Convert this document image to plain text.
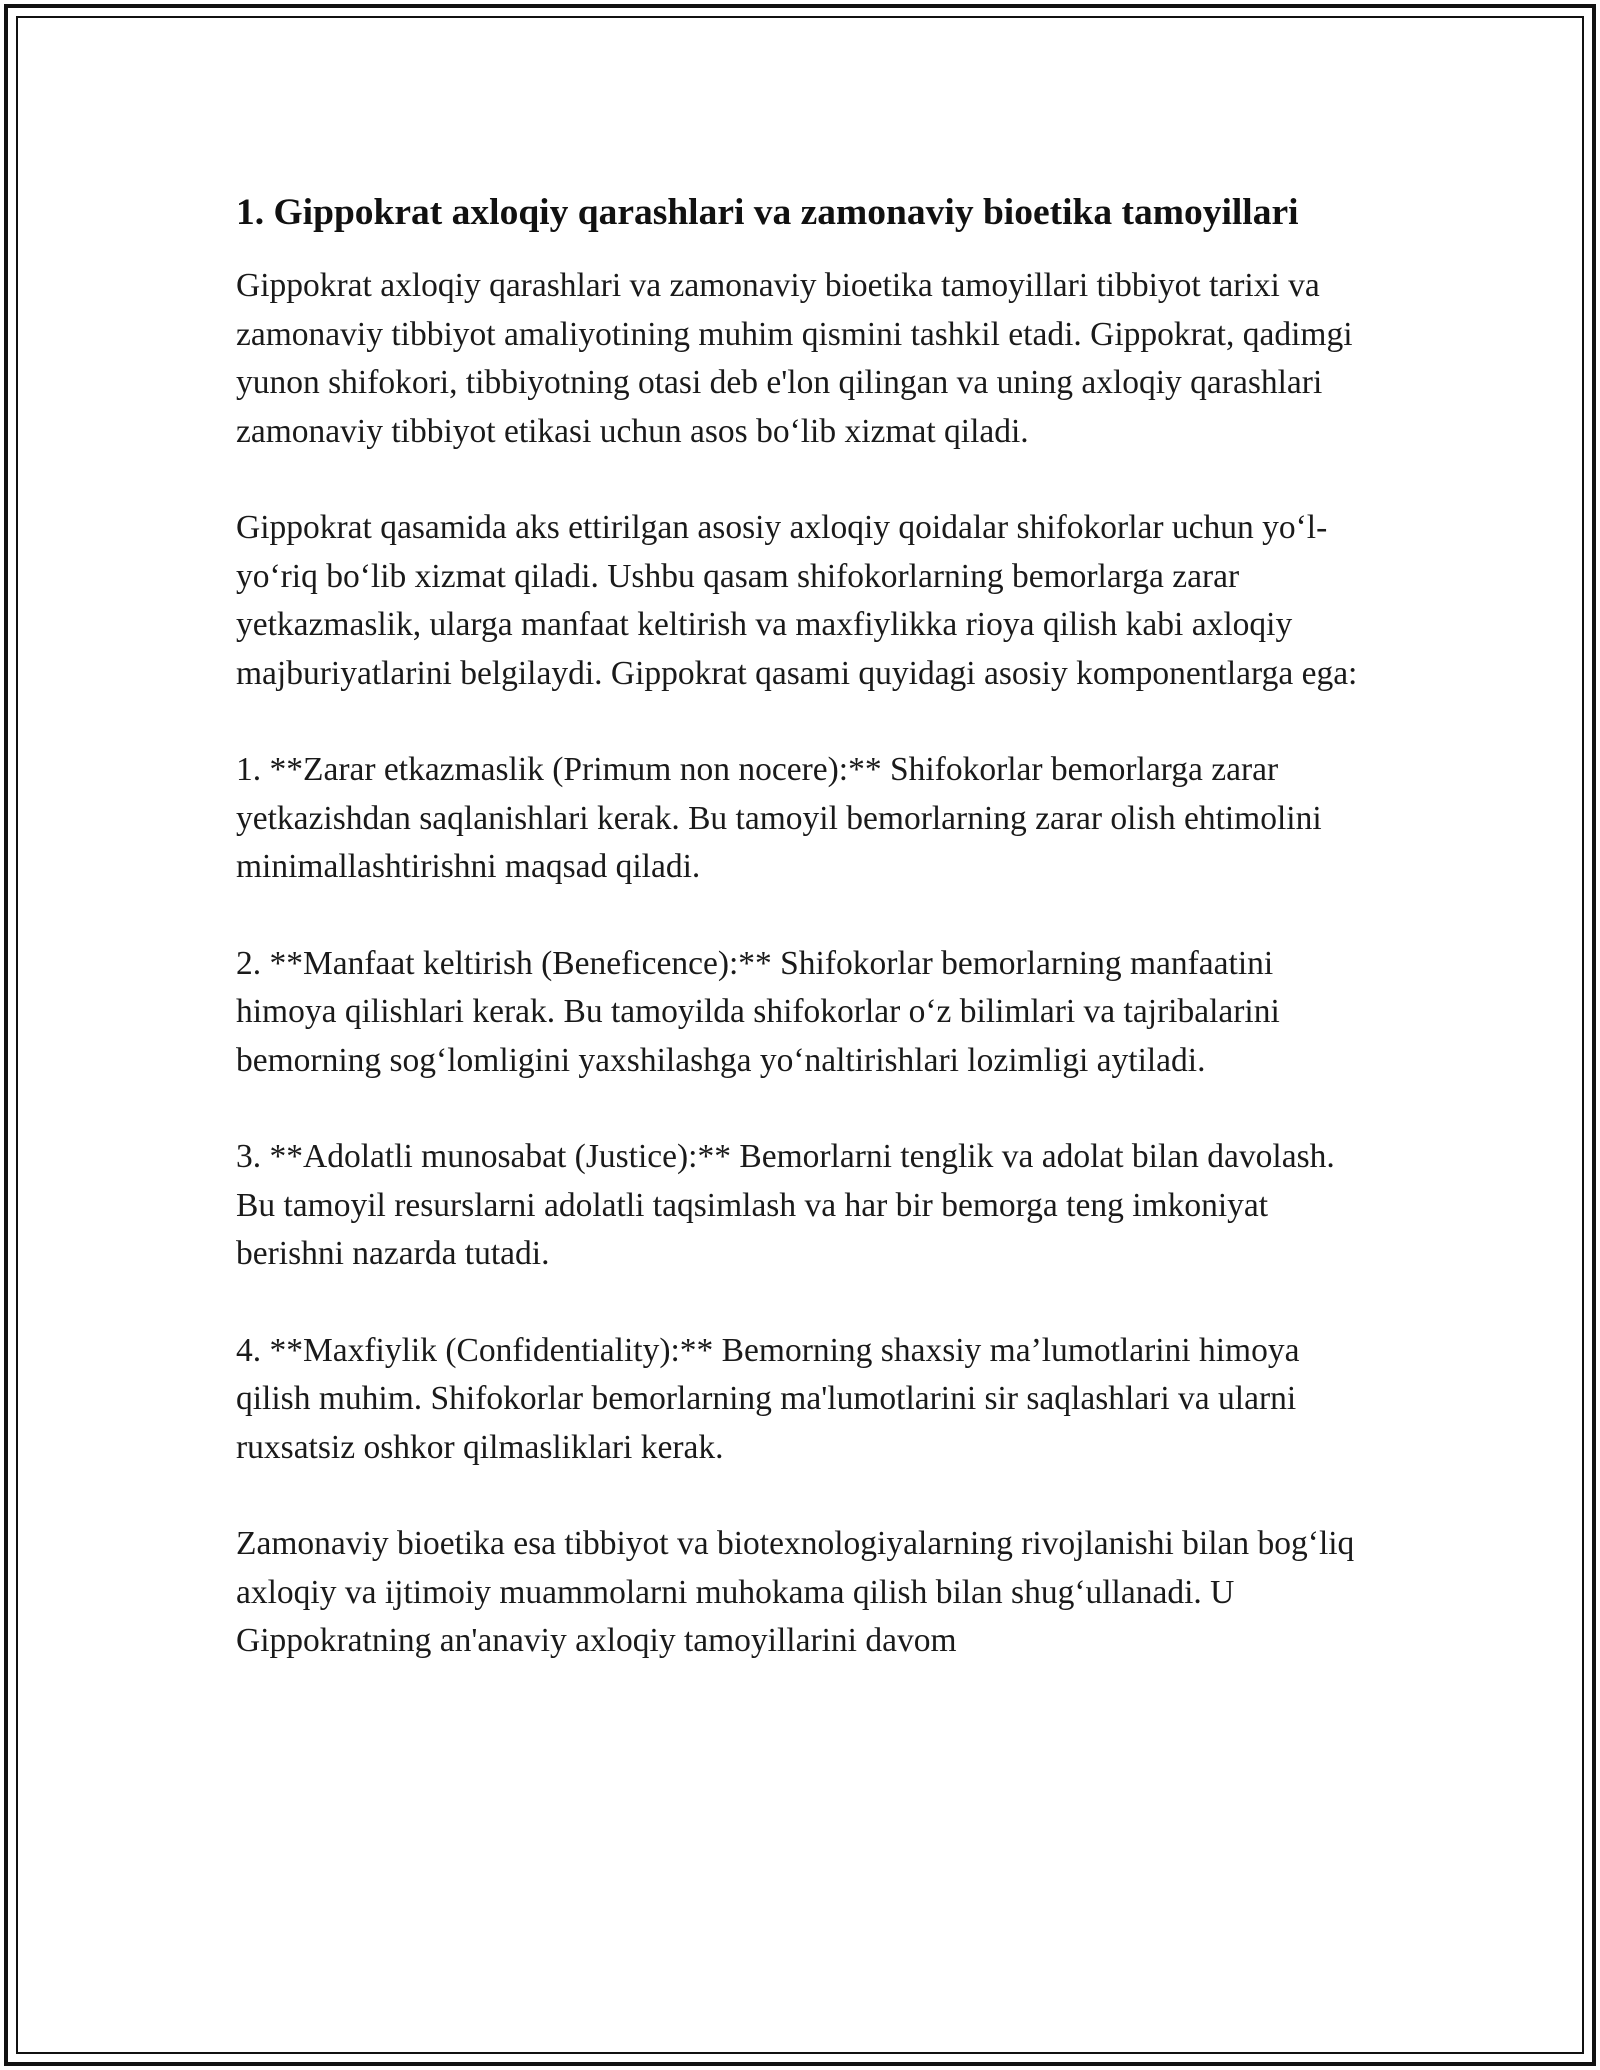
1. Gippokrat axloqiy qarashlari va zamonaviy bioetika tamoyillari

Gippokrat axloqiy qarashlari va zamonaviy bioetika tamoyillari tibbiyot tarixi va zamonaviy tibbiyot amaliyotining muhim qismini tashkil etadi. Gippokrat, qadimgi yunon shifokori, tibbiyotning otasi deb e'lon qilingan va uning axloqiy qarashlari zamonaviy tibbiyot etikasi uchun asos bo‘lib xizmat qiladi.

Gippokrat qasamida aks ettirilgan asosiy axloqiy qoidalar shifokorlar uchun yo‘l-yo‘riq bo‘lib xizmat qiladi. Ushbu qasam shifokorlarning bemorlarga zarar yetkazmaslik, ularga manfaat keltirish va maxfiylikka rioya qilish kabi axloqiy majburiyatlarini belgilaydi. Gippokrat qasami quyidagi asosiy komponentlarga ega:

1. **Zarar etkazmaslik (Primum non nocere):** Shifokorlar bemorlarga zarar yetkazishdan saqlanishlari kerak. Bu tamoyil bemorlarning zarar olish ehtimolini minimallashtirishni maqsad qiladi.

2. **Manfaat keltirish (Beneficence):** Shifokorlar bemorlarning manfaatini himoya qilishlari kerak. Bu tamoyilda shifokorlar o‘z bilimlari va tajribalarini bemorning sog‘lomligini yaxshilashga yo‘naltirishlari lozimligi aytiladi.

3. **Adolatli munosabat (Justice):** Bemorlarni tenglik va adolat bilan davolash. Bu tamoyil resurslarni adolatli taqsimlash va har bir bemorga teng imkoniyat berishni nazarda tutadi.

4. **Maxfiylik (Confidentiality):** Bemorning shaxsiy ma’lumotlarini himoya qilish muhim. Shifokorlar bemorlarning ma'lumotlarini sir saqlashlari va ularni ruxsatsiz oshkor qilmasliklari kerak.

Zamonaviy bioetika esa tibbiyot va biotexnologiyalarning rivojlanishi bilan bog‘liq axloqiy va ijtimoiy muammolarni muhokama qilish bilan shug‘ullanadi. U Gippokratning an'anaviy axloqiy tamoyillarini davom
